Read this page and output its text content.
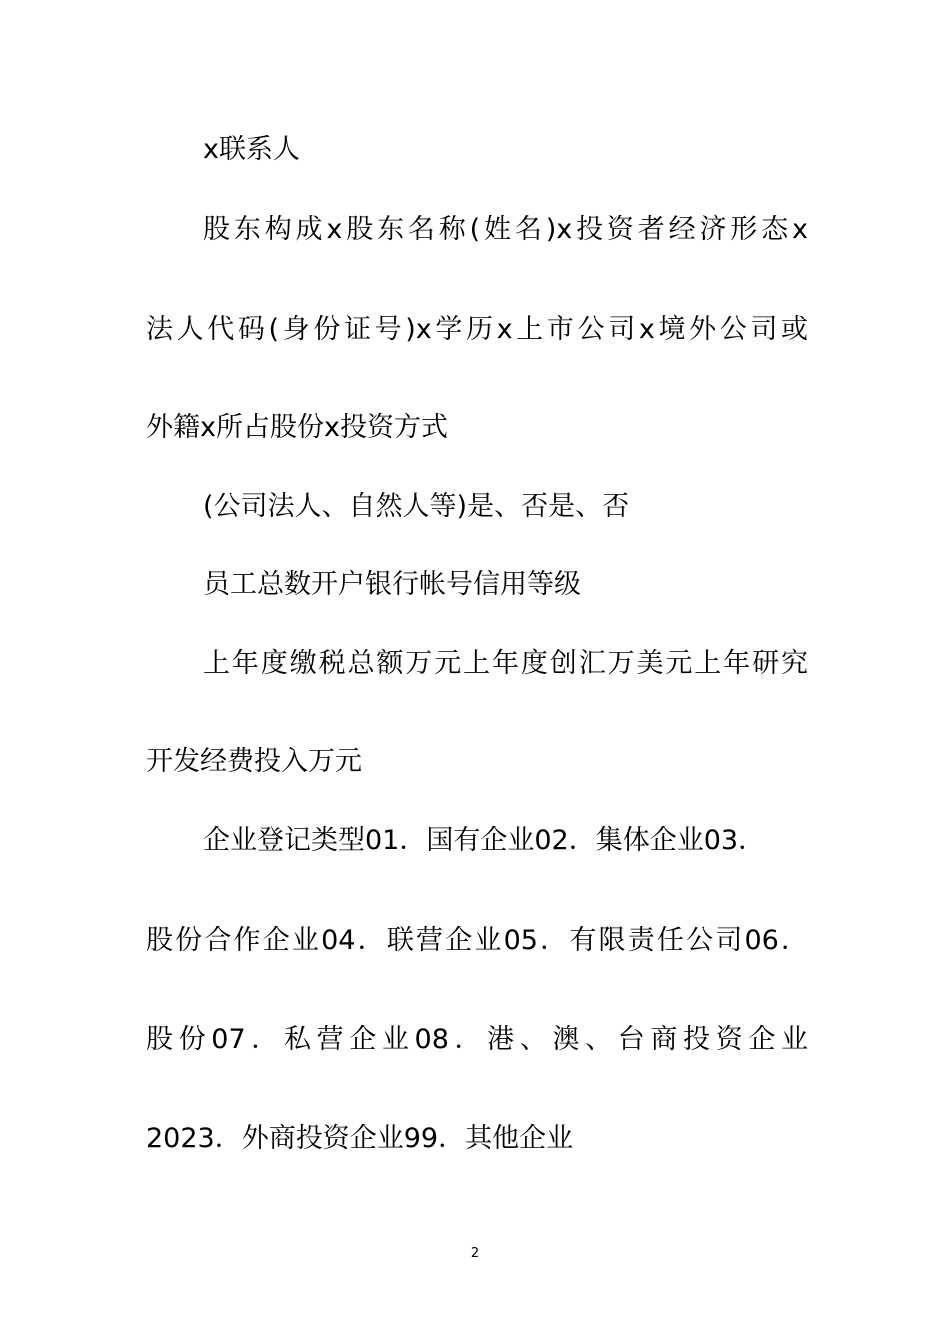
x联系人
股东构成x股东名称(姓名)x投资者经济形态x
法人代码(身份证号)x学历x上市公司x境外公司或
外籍x所占股份x投资方式
(公司法人、自然人等)是、否是、否
员工总数开户银行帐号信用等级
上年度缴税总额万元上年度创汇万美元上年研究
开发经费投入万元
企业登记类型01．国有企业02．集体企业03．
股份合作企业04．联营企业05．有限责任公司06．
股份07．私营企业08．港、澳、台商投资企业
2023．外商投资企业99．其他企业
2
